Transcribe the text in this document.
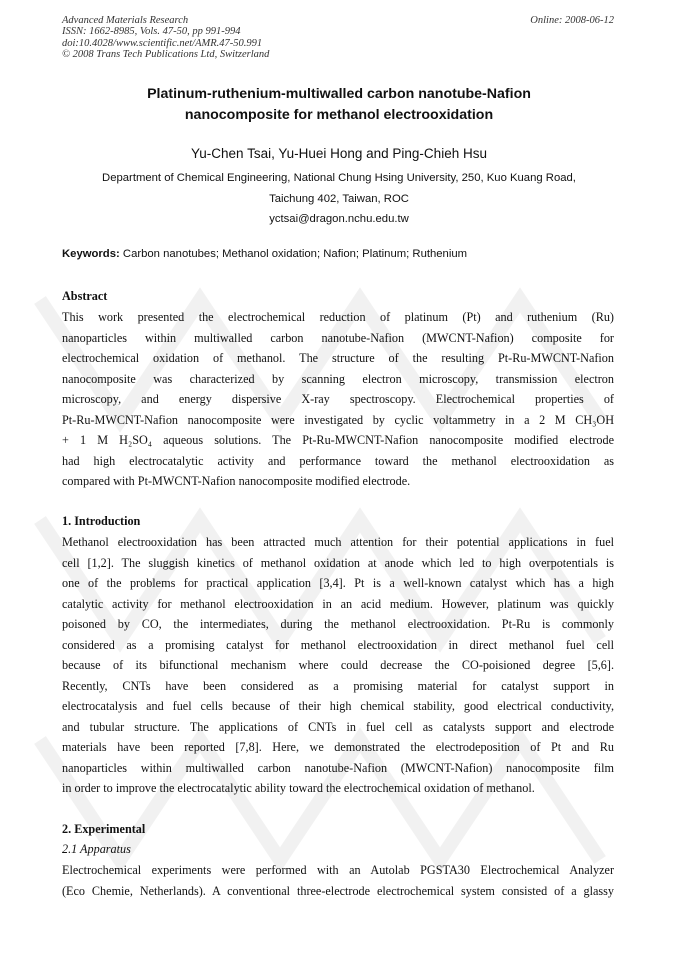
Advanced Materials Research
ISSN: 1662-8985, Vols. 47-50, pp 991-994
doi:10.4028/www.scientific.net/AMR.47-50.991
© 2008 Trans Tech Publications Ltd, Switzerland
Online: 2008-06-12
Platinum-ruthenium-multiwalled carbon nanotube-Nafion
nanocomposite for methanol electrooxidation
Yu-Chen Tsai, Yu-Huei Hong and Ping-Chieh Hsu
Department of Chemical Engineering, National Chung Hsing University, 250, Kuo Kuang Road,
Taichung 402, Taiwan, ROC
yctsai@dragon.nchu.edu.tw
Keywords: Carbon nanotubes; Methanol oxidation; Nafion; Platinum; Ruthenium
Abstract
This work presented the electrochemical reduction of platinum (Pt) and ruthenium (Ru)
nanoparticles within multiwalled carbon nanotube-Nafion (MWCNT-Nafion) composite for
electrochemical oxidation of methanol. The structure of the resulting Pt-Ru-MWCNT-Nafion
nanocomposite was characterized by scanning electron microscopy, transmission electron
microscopy, and energy dispersive X-ray spectroscopy. Electrochemical properties of
Pt-Ru-MWCNT-Nafion nanocomposite were investigated by cyclic voltammetry in a 2 M CH₃OH
+ 1 M H₂SO₄ aqueous solutions. The Pt-Ru-MWCNT-Nafion nanocomposite modified electrode
had high electrocatalytic activity and performance toward the methanol electrooxidation as
compared with Pt-MWCNT-Nafion nanocomposite modified electrode.
1. Introduction
Methanol electrooxidation has been attracted much attention for their potential applications in fuel
cell [1,2]. The sluggish kinetics of methanol oxidation at anode which led to high overpotentials is
one of the problems for practical application [3,4]. Pt is a well-known catalyst which has a high
catalytic activity for methanol electrooxidation in an acid medium. However, platinum was quickly
poisoned by CO, the intermediates, during the methanol electrooxidation. Pt-Ru is commonly
considered as a promising catalyst for methanol electrooxidation in direct methanol fuel cell
because of its bifunctional mechanism where could decrease the CO-poisioned degree [5,6].
Recently, CNTs have been considered as a promising material for catalyst support in
electrocatalysis and fuel cells because of their high chemical stability, good electrical conductivity,
and tubular structure. The applications of CNTs in fuel cell as catalysts support and electrode
materials have been reported [7,8]. Here, we demonstrated the electrodeposition of Pt and Ru
nanoparticles within multiwalled carbon nanotube-Nafion (MWCNT-Nafion) nanocomposite film
in order to improve the electrocatalytic ability toward the electrochemical oxidation of methanol.
2. Experimental
2.1 Apparatus
Electrochemical experiments were performed with an Autolab PGSTA30 Electrochemical Analyzer
(Eco Chemie, Netherlands). A conventional three-electrode electrochemical system consisted of a glassy
